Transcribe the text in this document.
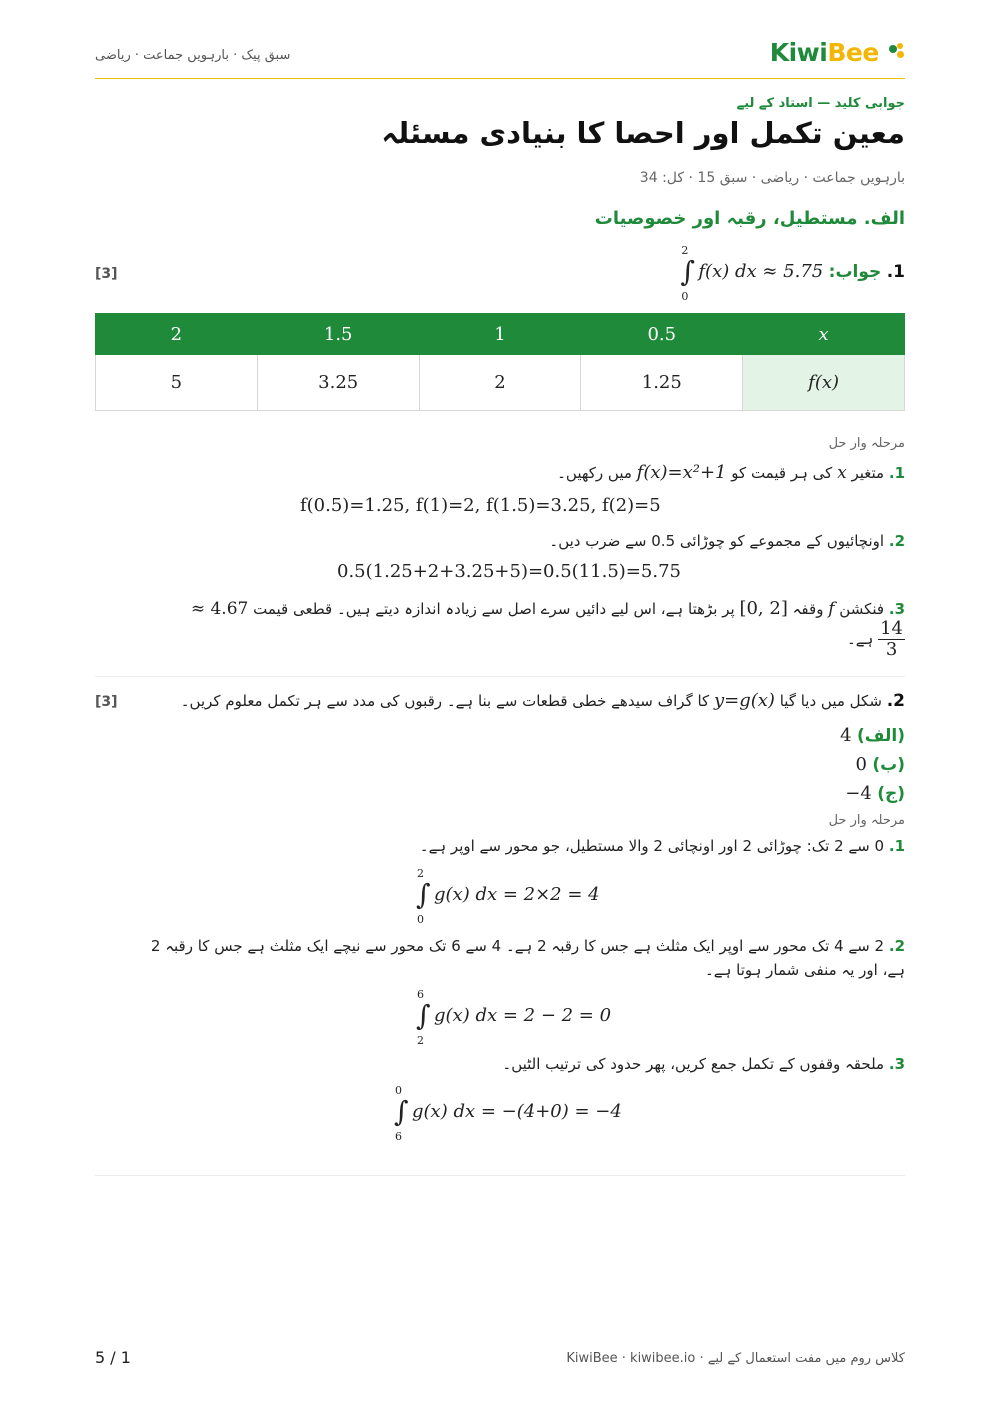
سبق پیک · بارہویں جماعت · ریاضی	KiwiBee
جوابی کلید — استاد کے لیے
معین تکمل اور احصا کا بنیادی مسئلہ
بارہویں جماعت · ریاضی · سبق 15 · کل: 34
الف. مستطیل، رقبہ اور خصوصیات
[3]	1. جواب:
∫
2
0
f(x) dx ≈ 5.75
2	1.5	1	0.5	x
5	3.25	2	1.25	f(x)
مرحلہ وار حل
1. متغیر x کی ہر قیمت کو f(x)=x²+1 میں رکھیں۔
f(0.5)=1.25, f(1)=2, f(1.5)=3.25, f(2)=5
2. اونچائیوں کے مجموعے کو چوڑائی 0.5 سے ضرب دیں۔
0.5(1.25+2+3.25+5)=0.5(11.5)=5.75
3. فنکشن f وقفہ [0, 2] پر بڑھتا ہے، اس لیے دائیں سرے اصل سے زیادہ اندازہ دیتے ہیں۔ قطعی قیمت ≈ 4.67
$\frac{14}{3}$
ہے۔
[3]	2. شکل میں دیا گیا y=g(x) کا گراف سیدھے خطی قطعات سے بنا ہے۔ رقبوں کی مدد سے ہر تکمل معلوم کریں۔
(الف) 4
(ب) 0
(ج) −4
مرحلہ وار حل
1. 0 سے 2 تک: چوڑائی 2 اور اونچائی 2 والا مستطیل، جو محور سے اوپر ہے۔
∫
2
0
g(x) dx = 2×2 = 4
2. 2 سے 4 تک محور سے اوپر ایک مثلث ہے جس کا رقبہ 2 ہے۔ 4 سے 6 تک محور سے نیچے ایک مثلث ہے جس کا رقبہ 2 ہے، اور یہ منفی شمار ہوتا ہے۔
∫
6
2
g(x) dx = 2 − 2 = 0
3. ملحقہ وقفوں کے تکمل جمع کریں، پھر حدود کی ترتیب الٹیں۔
∫
0
6
g(x) dx = −(4+0) = −4
5 / 1	کلاس روم میں مفت استعمال کے لیے · KiwiBee · kiwibee.io
